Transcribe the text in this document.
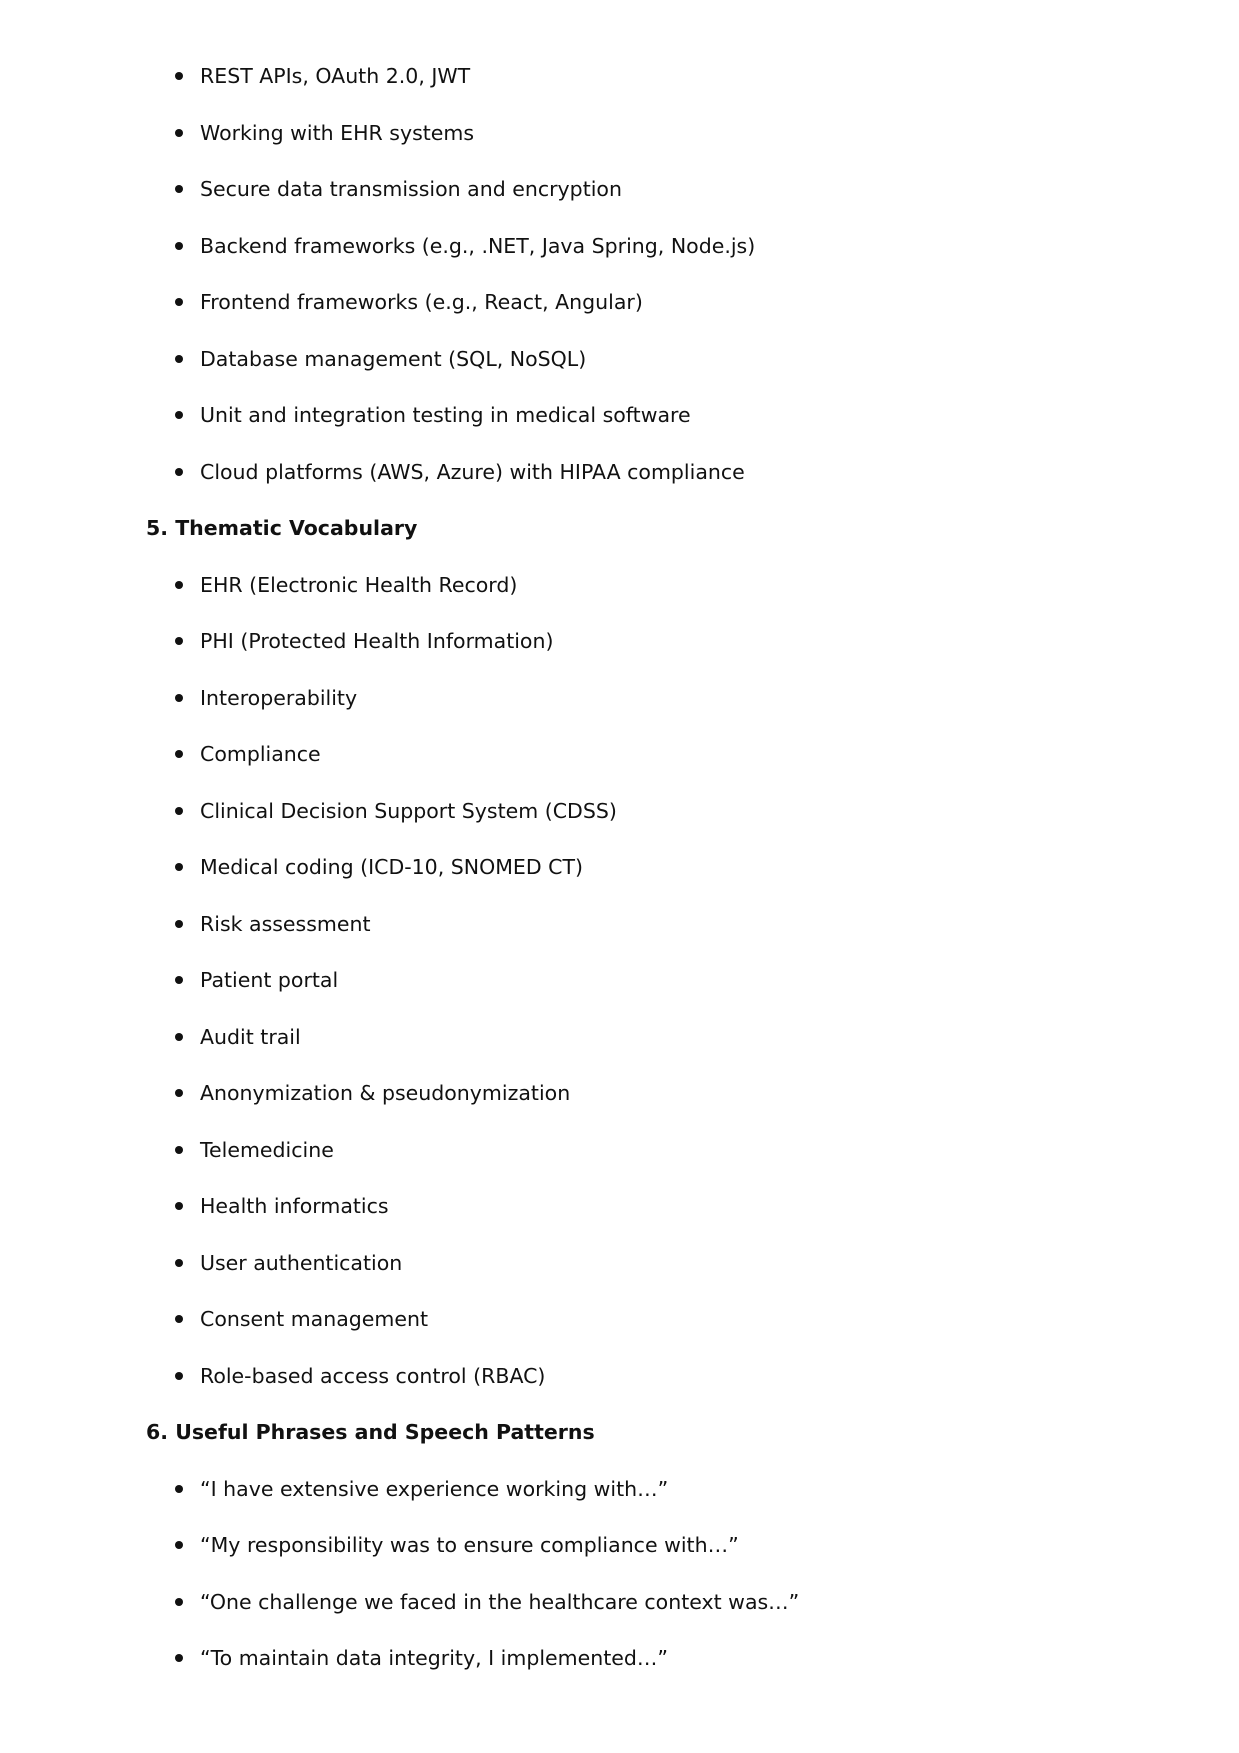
REST APIs, OAuth 2.0, JWT
Working with EHR systems
Secure data transmission and encryption
Backend frameworks (e.g., .NET, Java Spring, Node.js)
Frontend frameworks (e.g., React, Angular)
Database management (SQL, NoSQL)
Unit and integration testing in medical software
Cloud platforms (AWS, Azure) with HIPAA compliance
5. Thematic Vocabulary
EHR (Electronic Health Record)
PHI (Protected Health Information)
Interoperability
Compliance
Clinical Decision Support System (CDSS)
Medical coding (ICD-10, SNOMED CT)
Risk assessment
Patient portal
Audit trail
Anonymization & pseudonymization
Telemedicine
Health informatics
User authentication
Consent management
Role-based access control (RBAC)
6. Useful Phrases and Speech Patterns
“I have extensive experience working with…”
“My responsibility was to ensure compliance with…”
“One challenge we faced in the healthcare context was…”
“To maintain data integrity, I implemented…”
